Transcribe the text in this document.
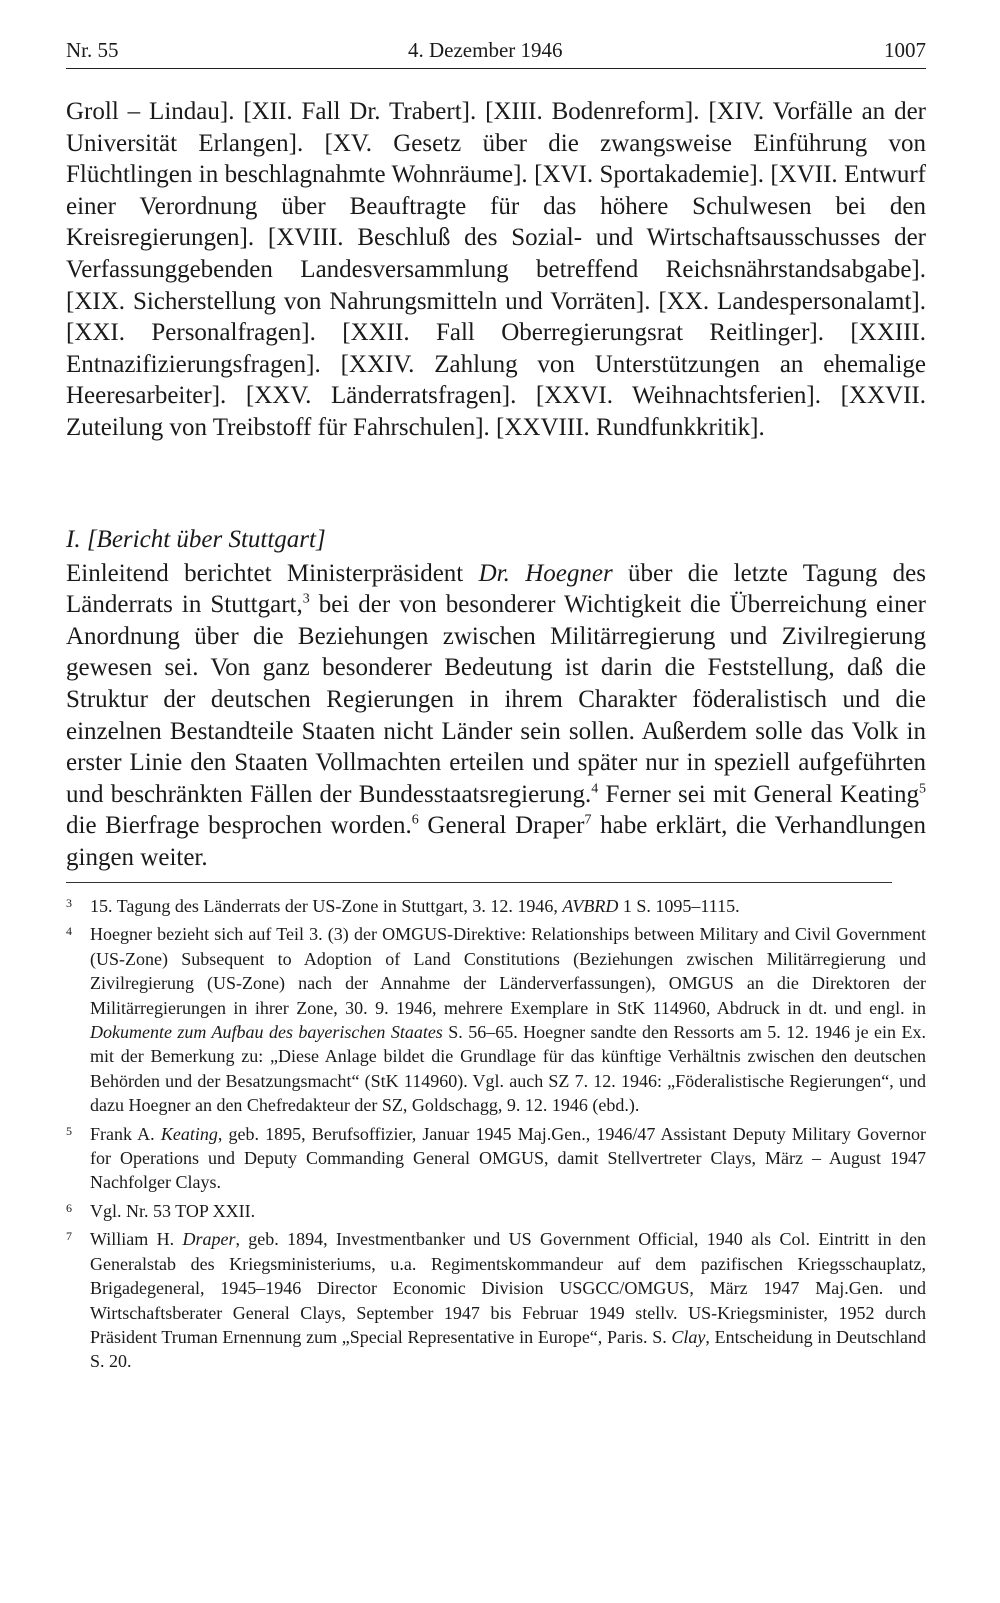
Nr. 55	4. Dezember 1946	1007

Groll – Lindau]. [XII. Fall Dr. Trabert]. [XIII. Bodenreform]. [XIV. Vorfälle an der Universität Erlangen]. [XV. Gesetz über die zwangsweise Einführung von Flüchtlingen in beschlagnahmte Wohnräume]. [XVI. Sportakademie]. [XVII. Entwurf einer Verordnung über Beauftragte für das höhere Schulwesen bei den Kreisregierungen]. [XVIII. Beschluß des Sozial- und Wirtschaftsausschusses der Verfassunggebenden Landesversammlung betreffend Reichsnährstandsabgabe]. [XIX. Sicherstellung von Nahrungsmitteln und Vorräten]. [XX. Landespersonalamt]. [XXI. Personalfragen]. [XXII. Fall Oberregierungsrat Reitlinger]. [XXIII. Entnazifizierungsfragen]. [XXIV. Zahlung von Unterstützungen an ehemalige Heeresarbeiter]. [XXV. Länderratsfragen]. [XXVI. Weihnachtsferien]. [XXVII. Zuteilung von Treibstoff für Fahrschulen]. [XXVIII. Rundfunkkritik].

I. [Bericht über Stuttgart]

Einleitend berichtet Ministerpräsident Dr. Hoegner über die letzte Tagung des Länderrats in Stuttgart,$^3$ bei der von besonderer Wichtigkeit die Überreichung einer Anordnung über die Beziehungen zwischen Militärregierung und Zivilregierung gewesen sei. Von ganz besonderer Bedeutung ist darin die Feststellung, daß die Struktur der deutschen Regierungen in ihrem Charakter föderalistisch und die einzelnen Bestandteile Staaten nicht Länder sein sollen. Außerdem solle das Volk in erster Linie den Staaten Vollmachten erteilen und später nur in speziell aufgeführten und beschränkten Fällen der Bundesstaatsregierung.$^4$ Ferner sei mit General Keating$^5$ die Bierfrage besprochen worden.$^6$ General Draper$^7$ habe erklärt, die Verhandlungen gingen weiter.

3 15. Tagung des Länderrats der US-Zone in Stuttgart, 3. 12. 1946, AVBRD 1 S. 1095–1115.
4 Hoegner bezieht sich auf Teil 3. (3) der OMGUS-Direktive: Relationships between Military and Civil Government (US-Zone) Subsequent to Adoption of Land Constitutions (Beziehungen zwischen Militärregierung und Zivilregierung (US-Zone) nach der Annahme der Länderverfassungen), OMGUS an die Direktoren der Militärregierungen in ihrer Zone, 30. 9. 1946, mehrere Exemplare in StK 114960, Abdruck in dt. und engl. in Dokumente zum Aufbau des bayerischen Staates S. 56–65. Hoegner sandte den Ressorts am 5. 12. 1946 je ein Ex. mit der Bemerkung zu: „Diese Anlage bildet die Grundlage für das künftige Verhältnis zwischen den deutschen Behörden und der Besatzungsmacht“ (StK 114960). Vgl. auch SZ 7. 12. 1946: „Föderalistische Regierungen“, und dazu Hoegner an den Chefredakteur der SZ, Goldschagg, 9. 12. 1946 (ebd.).
5 Frank A. Keating, geb. 1895, Berufsoffizier, Januar 1945 Maj.Gen., 1946/47 Assistant Deputy Military Governor for Operations und Deputy Commanding General OMGUS, damit Stellvertreter Clays, März – August 1947 Nachfolger Clays.
6 Vgl. Nr. 53 TOP XXII.
7 William H. Draper, geb. 1894, Investmentbanker und US Government Official, 1940 als Col. Eintritt in den Generalstab des Kriegsministeriums, u.a. Regimentskommandeur auf dem pazifischen Kriegsschauplatz, Brigadegeneral, 1945–1946 Director Economic Division USGCC/OMGUS, März 1947 Maj.Gen. und Wirtschaftsberater General Clays, September 1947 bis Februar 1949 stellv. US-Kriegsminister, 1952 durch Präsident Truman Ernennung zum „Special Representative in Europe“, Paris. S. Clay, Entscheidung in Deutschland S. 20.
